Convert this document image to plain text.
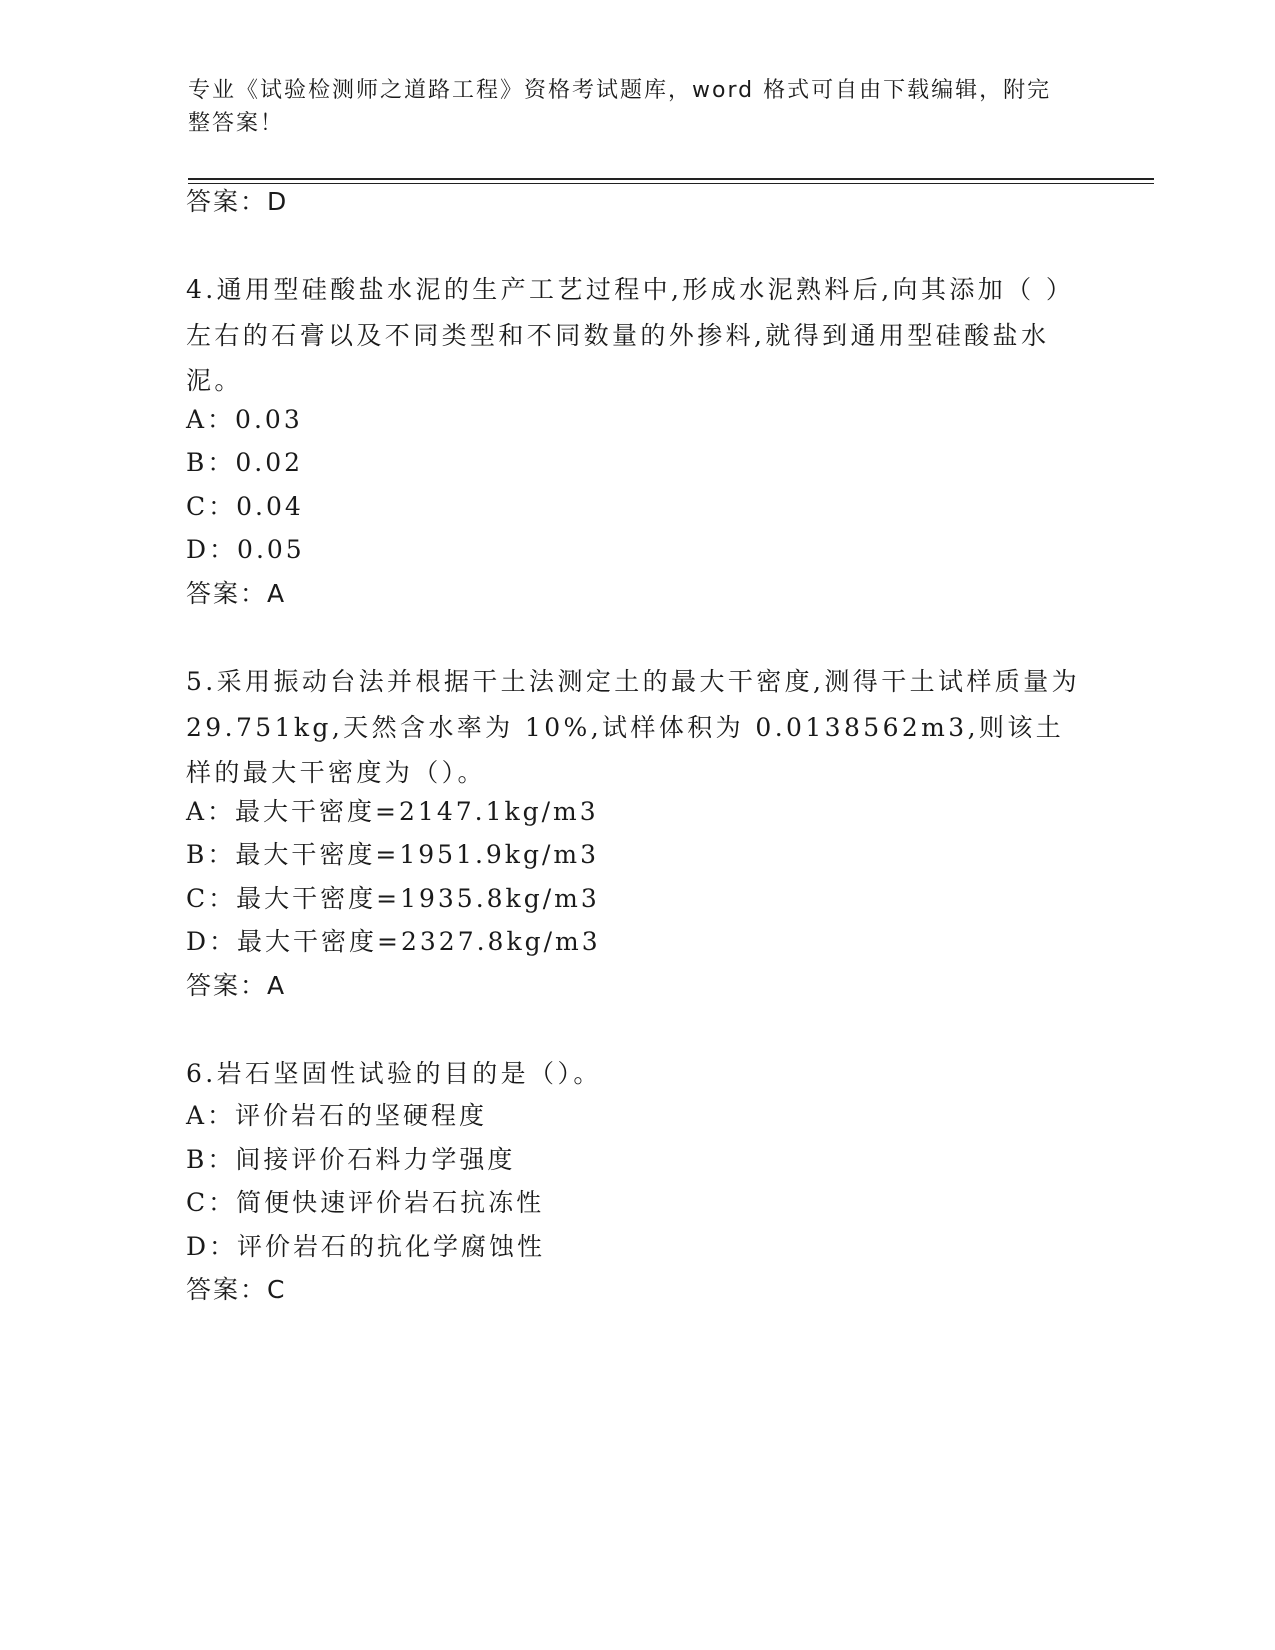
专业《试验检测师之道路工程》资格考试题库，word 格式可自由下载编辑，附完整答案！
答案：D
4.通用型硅酸盐水泥的生产工艺过程中,形成水泥熟料后,向其添加（ ）左右的石膏以及不同类型和不同数量的外掺料,就得到通用型硅酸盐水泥。
A：0.03
B：0.02
C：0.04
D：0.05
答案：A
5.采用振动台法并根据干土法测定土的最大干密度,测得干土试样质量为 29.751kg,天然含水率为 10%,试样体积为 0.0138562m3,则该土样的最大干密度为（）。
A：最大干密度=2147.1kg/m3
B：最大干密度=1951.9kg/m3
C：最大干密度=1935.8kg/m3
D：最大干密度=2327.8kg/m3
答案：A
6.岩石坚固性试验的目的是（）。
A：评价岩石的坚硬程度
B：间接评价石料力学强度
C：简便快速评价岩石抗冻性
D：评价岩石的抗化学腐蚀性
答案：C
